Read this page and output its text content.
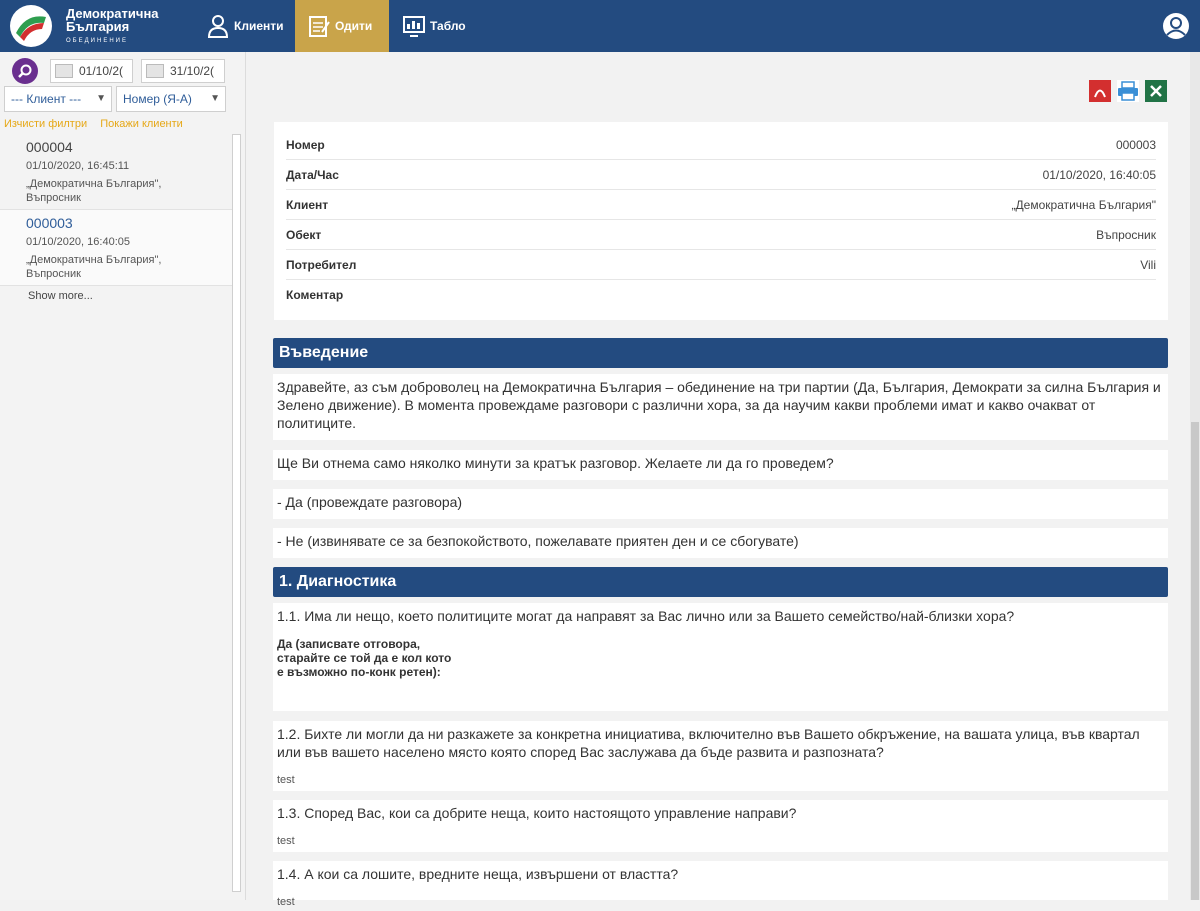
Демократична
България
ОБЕДИНЕНИЕ
Клиенти	Одити	Табло
01/10/2(	31/10/2(
--- Клиент --- ▼ Номер (Я-А) ▼
Изчисти филтри Покажи клиенти
000004
01/10/2020, 16:45:11
„Демократична България",
Въпросник
000003
01/10/2020, 16:40:05
„Демократична България",
Въпросник
Show more...
Номер	000003
Дата/Час	01/10/2020, 16:40:05
Клиент	„Демократична България"
Обект	Въпросник
Потребител	Vili
Коментар
Въведение
Здравейте, аз съм доброволец на Демократична България – обединение на три партии (Да, България, Демократи за силна България и Зелено движение). В момента провеждаме разговори с различни хора, за да научим какви проблеми имат и какво очакват от политиците.
Ще Ви отнема само няколко минути за кратък разговор. Желаете ли да го проведем?
- Да (провеждате разговора)
- Не (извинявате се за безпокойството, пожелавате приятен ден и се сбогувате)
1. Диагностика
1.1. Има ли нещо, което политиците могат да направят за Вас лично или за Вашето семейство/най-близки хора?
Да (записвате отговора, старайте се той да е кол кото е възможно по-конк ретен):
1.2. Бихте ли могли да ни разкажете за конкретна инициатива, включително във Вашето обкръжение, на вашата улица, във квартал или във вашето населено място която според Вас заслужава да бъде развита и разпозната?
test
1.3. Според Вас, кои са добрите неща, които настоящото управление направи?
test
1.4. А кои са лошите, вредните неща, извършени от властта?
test
